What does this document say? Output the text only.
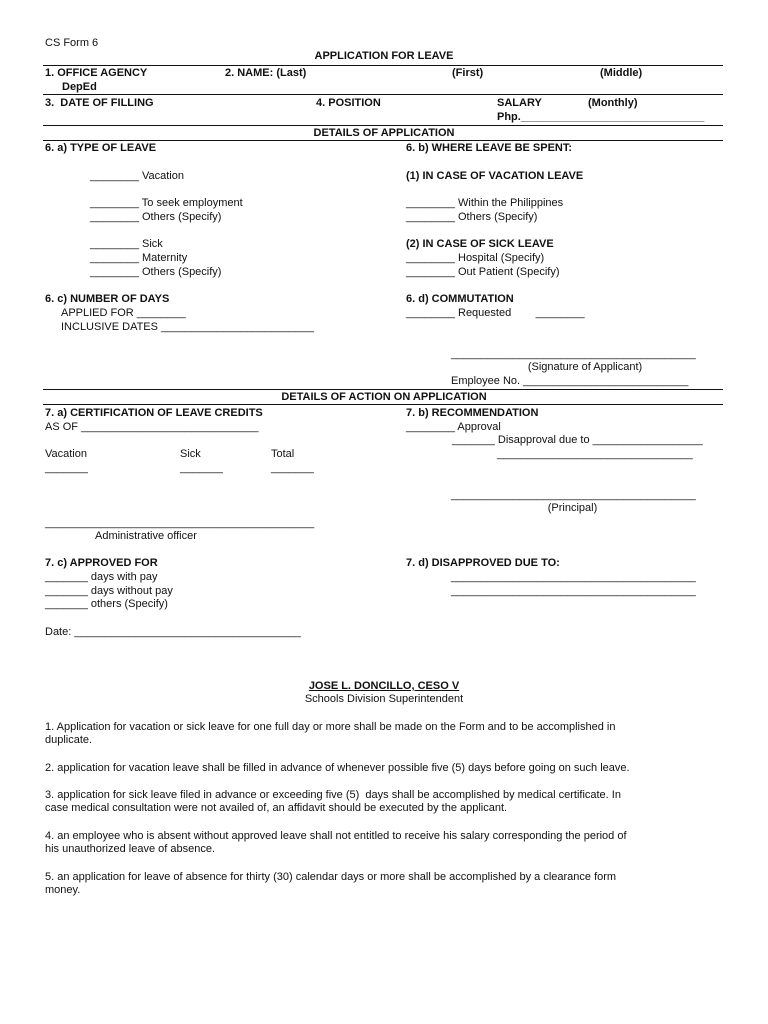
CS Form 6
APPLICATION FOR LEAVE
1. OFFICE AGENCY
DepEd
2. NAME: (Last)	(First)	(Middle)
3.  DATE OF FILLING	4. POSITION	SALARY	(Monthly)
Php.______________________________
DETAILS OF APPLICATION
6. a) TYPE OF LEAVE
________ Vacation
________ To seek employment
________ Others (Specify)
________ Sick
________ Maternity
________ Others (Specify)
6. b) WHERE LEAVE BE SPENT:
(1) IN CASE OF VACATION LEAVE
________ Within the Philippines
________ Others (Specify)
(2) IN CASE OF SICK LEAVE
________ Hospital (Specify)
________ Out Patient (Specify)
6. c) NUMBER OF DAYS
APPLIED FOR ________
INCLUSIVE DATES _________________________
6. d) COMMUTATION
________ Requested        ________
________________________________________
(Signature of Applicant)
Employee No. ___________________________
DETAILS OF ACTION ON APPLICATION
7. a) CERTIFICATION OF LEAVE CREDITS
AS OF _____________________________
Vacation	Sick	Total
_______	_______	_______
____________________________________________
Administrative officer
7. b) RECOMMENDATION
________ Approval
_______ Disapproval due to __________________
________________________________
________________________________________
(Principal)
7. c) APPROVED FOR
_______ days with pay
_______ days without pay
_______ others (Specify)
Date: _____________________________________
7. d) DISAPPROVED DUE TO:
________________________________________
________________________________________
JOSE L. DONCILLO, CESO V
Schools Division Superintendent
1. Application for vacation or sick leave for one full day or more shall be made on the Form and to be accomplished in
duplicate.
2. application for vacation leave shall be filled in advance of whenever possible five (5) days before going on such leave.
3. application for sick leave filed in advance or exceeding five (5)  days shall be accomplished by medical certificate. In
case medical consultation were not availed of, an affidavit should be executed by the applicant.
4. an employee who is absent without approved leave shall not entitled to receive his salary corresponding the period of
his unauthorized leave of absence.
5. an application for leave of absence for thirty (30) calendar days or more shall be accomplished by a clearance form
money.
